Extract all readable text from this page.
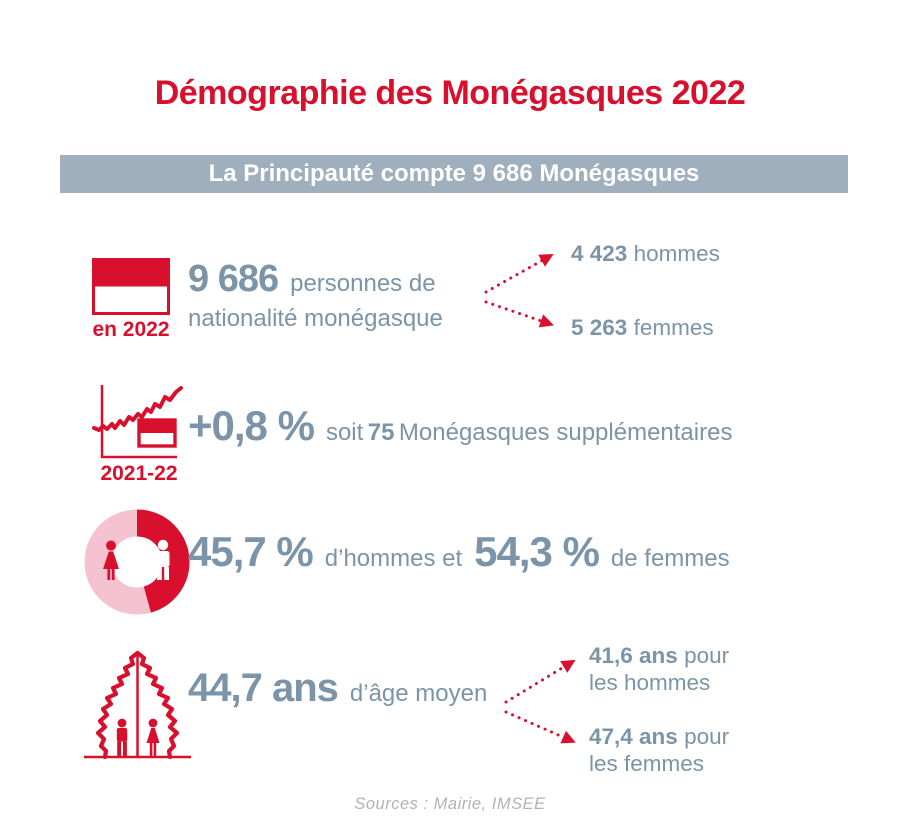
Démographie des Monégasques 2022
La Principauté compte 9 686 Monégasques
en 2022
9 686 personnes de
nationalité monégasque
4 423 hommes
5 263 femmes
2021-22
+0,8 % soit
75
Monégasques supplémentaires
45,7 % d’hommes et 54,3 % de femmes
44,7 ans d’âge moyen
41,6 ans pour
les hommes
47,4 ans pour
les femmes
Sources : Mairie, IMSEE
